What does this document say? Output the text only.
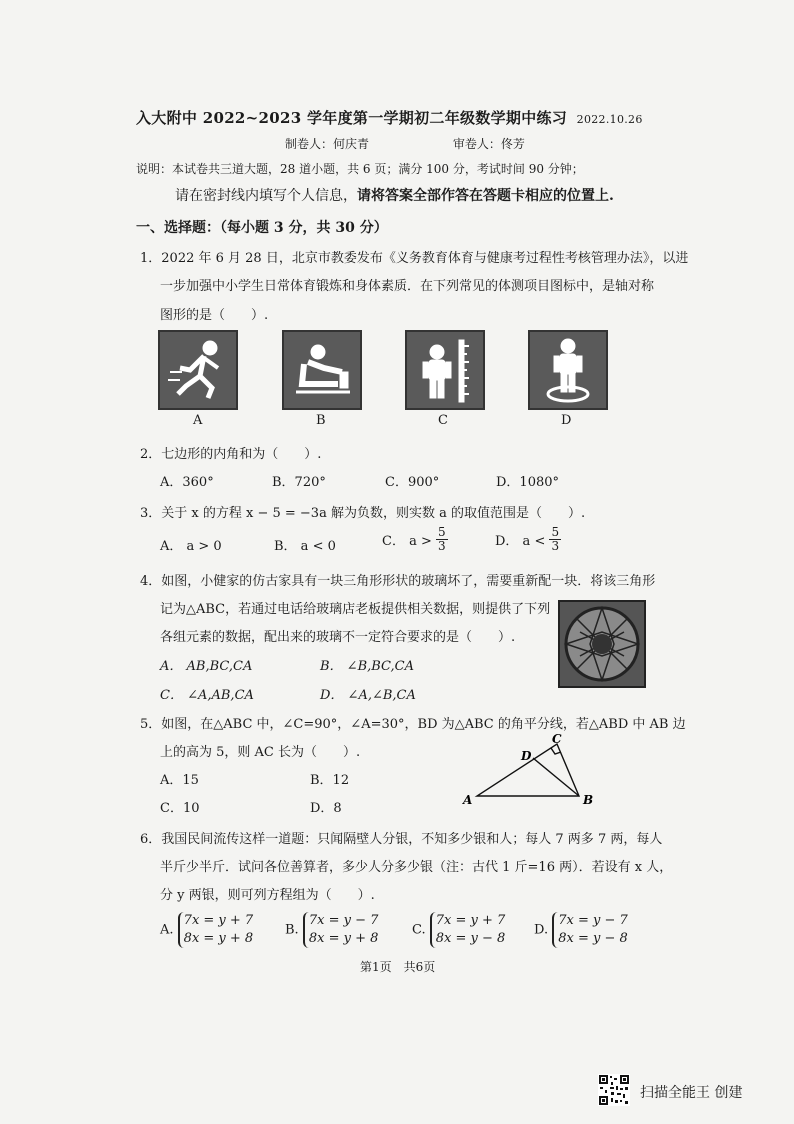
入大附中 2022~2023 学年度第一学期初二年级数学期中练习 2022.10.26
制卷人：何庆青	审卷人：佟芳
说明：本试卷共三道大题，28 道小题，共 6 页；满分 100 分，考试时间 90 分钟；
请在密封线内填写个人信息，请将答案全部作答在答题卡相应的位置上.
一、选择题：（每小题 3 分，共 30 分）
1．2022 年 6 月 28 日，北京市教委发布《义务教育体育与健康考过程性考核管理办法》，以进
一步加强中小学生日常体育锻炼和身体素质．在下列常见的体测项目图标中，是轴对称
图形的是（　　）.
A	B	C	D
2．七边形的内角和为（　　）.
A．360°	B．720°	C．900°	D．1080°
3．关于 x 的方程 x − 5 = −3a 解为负数，则实数 a 的取值范围是（　　）.
A． a > 0	B． a < 0	C． $a > \frac{5}{3}$	D． $a < \frac{5}{3}$
4．如图，小健家的仿古家具有一块三角形形状的玻璃坏了，需要重新配一块．将该三角形
记为△ABC，若通过电话给玻璃店老板提供相关数据，则提供了下列
各组元素的数据，配出来的玻璃不一定符合要求的是（　　）.
A． AB,BC,CA	B． ∠B,BC,CA
C． ∠A,AB,CA	D． ∠A,∠B,CA
5．如图，在△ABC 中，∠C=90°，∠A=30°，BD 为△ABC 的角平分线，若△ABD 中 AB 边
上的高为 5，则 AC 长为（　　）.
A．15	B．12
C．10	D．8
A	B
C
D
6．我国民间流传这样一道题：只闻隔壁人分银，不知多少银和人；每人 7 两多 7 两，每人
半斤少半斤．试问各位善算者，多少人分多少银（注：古代 1 斤=16 两）．若设有 x 人，
分 y 两银，则可列方程组为（　　）.
A. 7x = y + 7
8x = y + 8
B. 7x = y − 7
8x = y + 8
C. 7x = y + 7
8x = y − 8
D. 7x = y − 7
8x = y − 8
第1页　共6页
扫描全能王 创建
